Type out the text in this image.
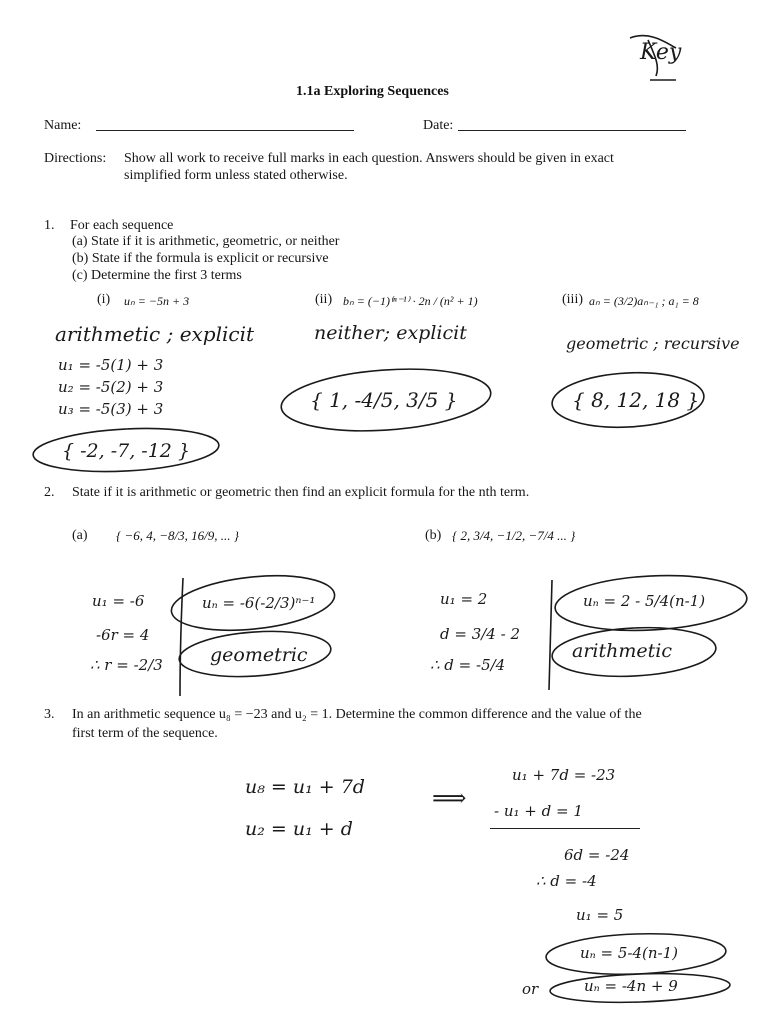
Key
1.1a Exploring Sequences
Name:	Date:
Directions: Show all work to receive full marks in each question. Answers should be given in exact
simplified form unless stated otherwise.
1. For each sequence
(a) State if it is arithmetic, geometric, or neither
(b) State if the formula is explicit or recursive
(c) Determine the first 3 terms
(i) uₙ = −5n + 3	(ii) bₙ = (−1)⁽ⁿ⁻¹⁾ · 2n / (n² + 1)	(iii) aₙ = (3/2)aₙ₋₁ ; a₁ = 8
arithmetic ; explicit
u₁ = -5(1) + 3
u₂ = -5(2) + 3
u₃ = -5(3) + 3
{ -2, -7, -12 }
neither; explicit
{ 1, -4/5, 3/5 }
geometric ; recursive
{ 8, 12, 18 }
2. State if it is arithmetic or geometric then find an explicit formula for the nth term.
(a) { −6, 4, −8/3, 16/9, ... }	(b) { 2, 3/4, −1/2, −7/4 ... }
u₁ = -6
-6r = 4
∴ r = -2/3
uₙ = -6(-2/3)ⁿ⁻¹
geometric
u₁ = 2
d = 3/4 - 2
∴ d = -5/4
uₙ = 2 - 5/4(n-1)
arithmetic
3. In an arithmetic sequence u₈ = −23 and u₂ = 1. Determine the common difference and the value of the
first term of the sequence.
u₈ = u₁ + 7d
u₂ = u₁ + d
⟹
u₁ + 7d = -23
- u₁ + d = 1
6d = -24
∴ d = -4
u₁ = 5
uₙ = 5-4(n-1)
or	uₙ = -4n + 9
